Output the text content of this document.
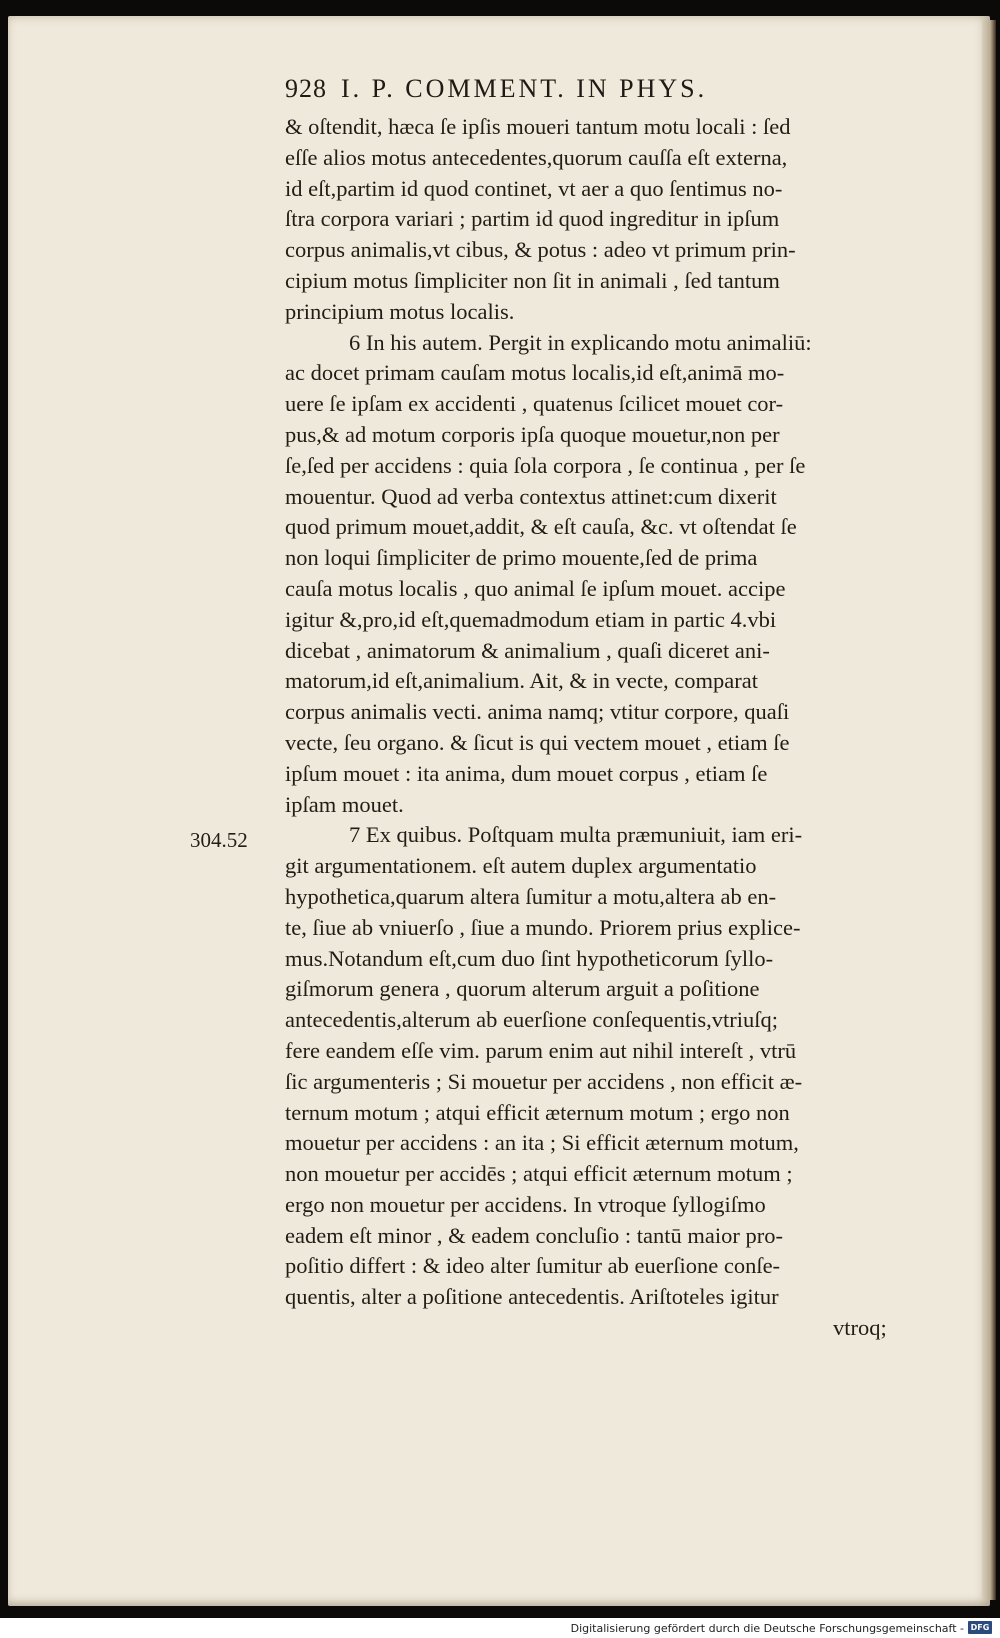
928 I. P. COMMENT. IN PHYS.
304.52
& oſtendit, hæca ſe ipſis moueri tantum motu locali : ſed
eſſe alios motus antecedentes,quorum cauſſa eſt externa,
id eſt,partim id quod continet, vt aer a quo ſentimus no-
ſtra corpora variari ; partim id quod ingreditur in ipſum
corpus animalis,vt cibus, & potus : adeo vt primum prin-
cipium motus ſimpliciter non ſit in animali , ſed tantum
principium motus localis.
6 In his autem. Pergit in explicando motu animaliū:
ac docet primam cauſam motus localis,id eſt,animā mo-
uere ſe ipſam ex accidenti , quatenus ſcilicet mouet cor-
pus,& ad motum corporis ipſa quoque mouetur,non per
ſe,ſed per accidens : quia ſola corpora , ſe continua , per ſe
mouentur. Quod ad verba contextus attinet:cum dixerit
quod primum mouet,addit, & eſt cauſa, &c. vt oſtendat ſe
non loqui ſimpliciter de primo mouente,ſed de prima
cauſa motus localis , quo animal ſe ipſum mouet. accipe
igitur &,pro,id eſt,quemadmodum etiam in partic 4.vbi
dicebat , animatorum & animalium , quaſi diceret ani-
matorum,id eſt,animalium. Ait, & in vecte, comparat
corpus animalis vecti. anima namq; vtitur corpore, quaſi
vecte, ſeu organo. & ſicut is qui vectem mouet , etiam ſe
ipſum mouet : ita anima, dum mouet corpus , etiam ſe
ipſam mouet.
7 Ex quibus. Poſtquam multa præmuniuit, iam eri-
git argumentationem. eſt autem duplex argumentatio
hypothetica,quarum altera ſumitur a motu,altera ab en-
te, ſiue ab vniuerſo , ſiue a mundo. Priorem prius explice-
mus.Notandum eſt,cum duo ſint hypotheticorum ſyllo-
giſmorum genera , quorum alterum arguit a poſitione
antecedentis,alterum ab euerſione conſequentis,vtriuſq;
fere eandem eſſe vim. parum enim aut nihil intereſt , vtrū
ſic argumenteris ; Si mouetur per accidens , non efficit æ-
ternum motum ; atqui efficit æternum motum ; ergo non
mouetur per accidens : an ita ; Si efficit æternum motum,
non mouetur per accidēs ; atqui efficit æternum motum ;
ergo non mouetur per accidens. In vtroque ſyllogiſmo
eadem eſt minor , & eadem concluſio : tantū maior pro-
poſitio differt : & ideo alter ſumitur ab euerſione conſe-
quentis, alter a poſitione antecedentis. Ariſtoteles igitur
vtroq;
Digitalisierung gefördert durch die Deutsche Forschungsgemeinschaft - DFG
